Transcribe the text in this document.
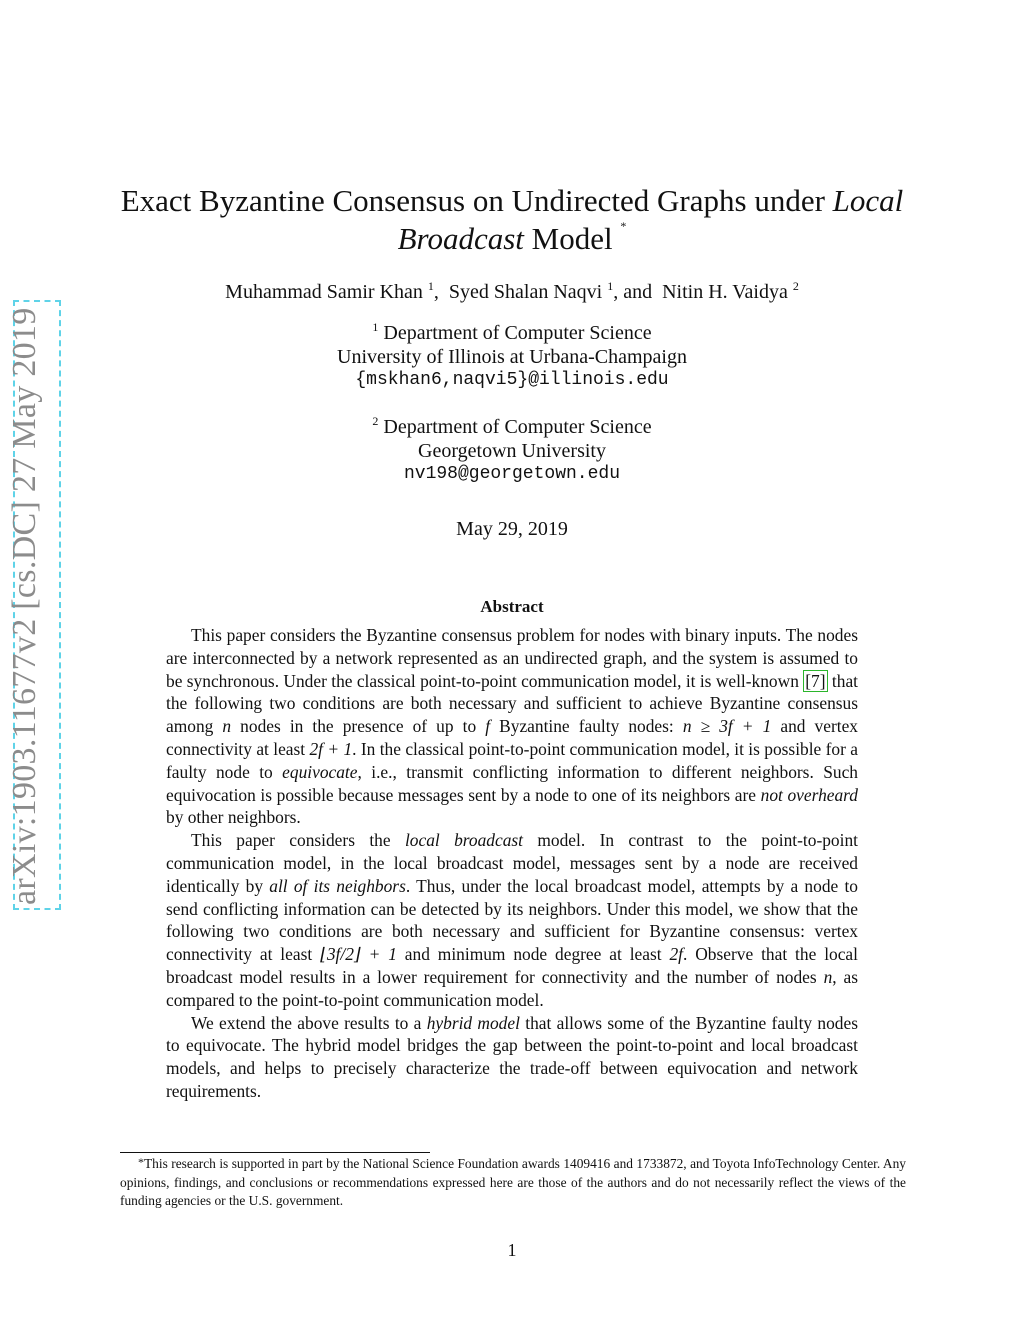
arXiv:1903.11677v2 [cs.DC] 27 May 2019
Exact Byzantine Consensus on Undirected Graphs under Local
Broadcast Model *
Muhammad Samir Khan $^1$, Syed Shalan Naqvi $^1$, and Nitin H. Vaidya $^2$
$^1$ Department of Computer Science
University of Illinois at Urbana-Champaign
{mskhan6,naqvi5}@illinois.edu
$^2$ Department of Computer Science
Georgetown University
nv198@georgetown.edu
May 29, 2019
Abstract

This paper considers the Byzantine consensus problem for nodes with binary inputs. The nodes are interconnected by a network represented as an undirected graph, and the system is assumed to be synchronous. Under the classical point-to-point communication model, it is well-known [7] that the following two conditions are both necessary and sufficient to achieve Byzantine consensus among n nodes in the presence of up to f Byzantine faulty nodes: n ≥ 3f + 1 and vertex connectivity at least 2f + 1. In the classical point-to-point communication model, it is possible for a faulty node to equivocate, i.e., transmit conflicting information to different neighbors. Such equivocation is possible because messages sent by a node to one of its neighbors are not overheard by other neighbors.

This paper considers the local broadcast model. In contrast to the point-to-point communication model, in the local broadcast model, messages sent by a node are received identically by all of its neighbors. Thus, under the local broadcast model, attempts by a node to send conflicting information can be detected by its neighbors. Under this model, we show that the following two conditions are both necessary and sufficient for Byzantine consensus: vertex connectivity at least ⌊3f/2⌋ + 1 and minimum node degree at least 2f. Observe that the local broadcast model results in a lower requirement for connectivity and the number of nodes n, as compared to the point-to-point communication model.

We extend the above results to a hybrid model that allows some of the Byzantine faulty nodes to equivocate. The hybrid model bridges the gap between the point-to-point and local broadcast models, and helps to precisely characterize the trade-off between equivocation and network requirements.

*This research is supported in part by the National Science Foundation awards 1409416 and 1733872, and Toyota InfoTechnology Center. Any opinions, findings, and conclusions or recommendations expressed here are those of the authors and do not necessarily reflect the views of the funding agencies or the U.S. government.

1
